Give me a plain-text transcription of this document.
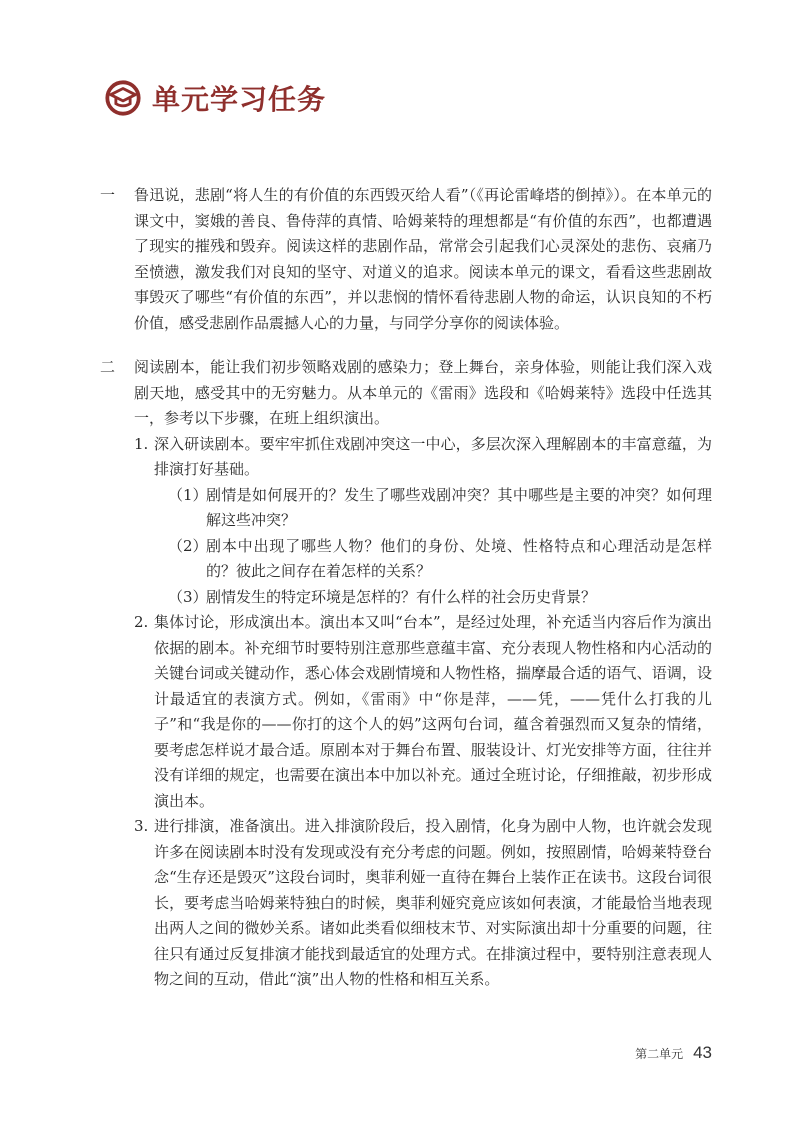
单元学习任务
一	鲁迅说，悲剧“将人生的有价值的东西毁灭给人看”（《再论雷峰塔的倒掉》）。在本单元的课文中，窦娥的善良、鲁侍萍的真情、哈姆莱特的理想都是“有价值的东西”，也都遭遇了现实的摧残和毁弃。阅读这样的悲剧作品，常常会引起我们心灵深处的悲伤、哀痛乃至愤懑，激发我们对良知的坚守、对道义的追求。阅读本单元的课文，看看这些悲剧故事毁灭了哪些“有价值的东西”，并以悲悯的情怀看待悲剧人物的命运，认识良知的不朽价值，感受悲剧作品震撼人心的力量，与同学分享你的阅读体验。

二	阅读剧本，能让我们初步领略戏剧的感染力；登上舞台，亲身体验，则能让我们深入戏剧天地，感受其中的无穷魅力。从本单元的《雷雨》选段和《哈姆莱特》选段中任选其一，参考以下步骤，在班上组织演出。

1. 深入研读剧本。要牢牢抓住戏剧冲突这一中心，多层次深入理解剧本的丰富意蕴，为排演打好基础。
（1）
剧情是如何展开的？发生了哪些戏剧冲突？其中哪些是主要的冲突？如何理解这些冲突？
（2）
剧本中出现了哪些人物？他们的身份、处境、性格特点和心理活动是怎样的？彼此之间存在着怎样的关系？
（3）
剧情发生的特定环境是怎样的？有什么样的社会历史背景？
2. 集体讨论，形成演出本。演出本又叫“台本”，是经过处理，补充适当内容后作为演出依据的剧本。补充细节时要特别注意那些意蕴丰富、充分表现人物性格和内心活动的关键台词或关键动作，悉心体会戏剧情境和人物性格，揣摩最合适的语气、语调，设计最适宜的表演方式。例如，《雷雨》中“你是萍，——凭，——凭什么打我的儿子”和“我是你的——你打的这个人的妈”这两句台词，蕴含着强烈而又复杂的情绪，要考虑怎样说才最合适。原剧本对于舞台布置、服装设计、灯光安排等方面，往往并没有详细的规定，也需要在演出本中加以补充。通过全班讨论，仔细推敲，初步形成演出本。
3. 进行排演，准备演出。进入排演阶段后，投入剧情，化身为剧中人物，也许就会发现许多在阅读剧本时没有发现或没有充分考虑的问题。例如，按照剧情，哈姆莱特登台念“生存还是毁灭”这段台词时，奥菲利娅一直待在舞台上装作正在读书。这段台词很长，要考虑当哈姆莱特独白的时候，奥菲利娅究竟应该如何表演，才能最恰当地表现出两人之间的微妙关系。诸如此类看似细枝末节、对实际演出却十分重要的问题，往往只有通过反复排演才能找到最适宜的处理方式。在排演过程中，要特别注意表现人物之间的互动，借此“演”出人物的性格和相互关系。
第二单元 43
